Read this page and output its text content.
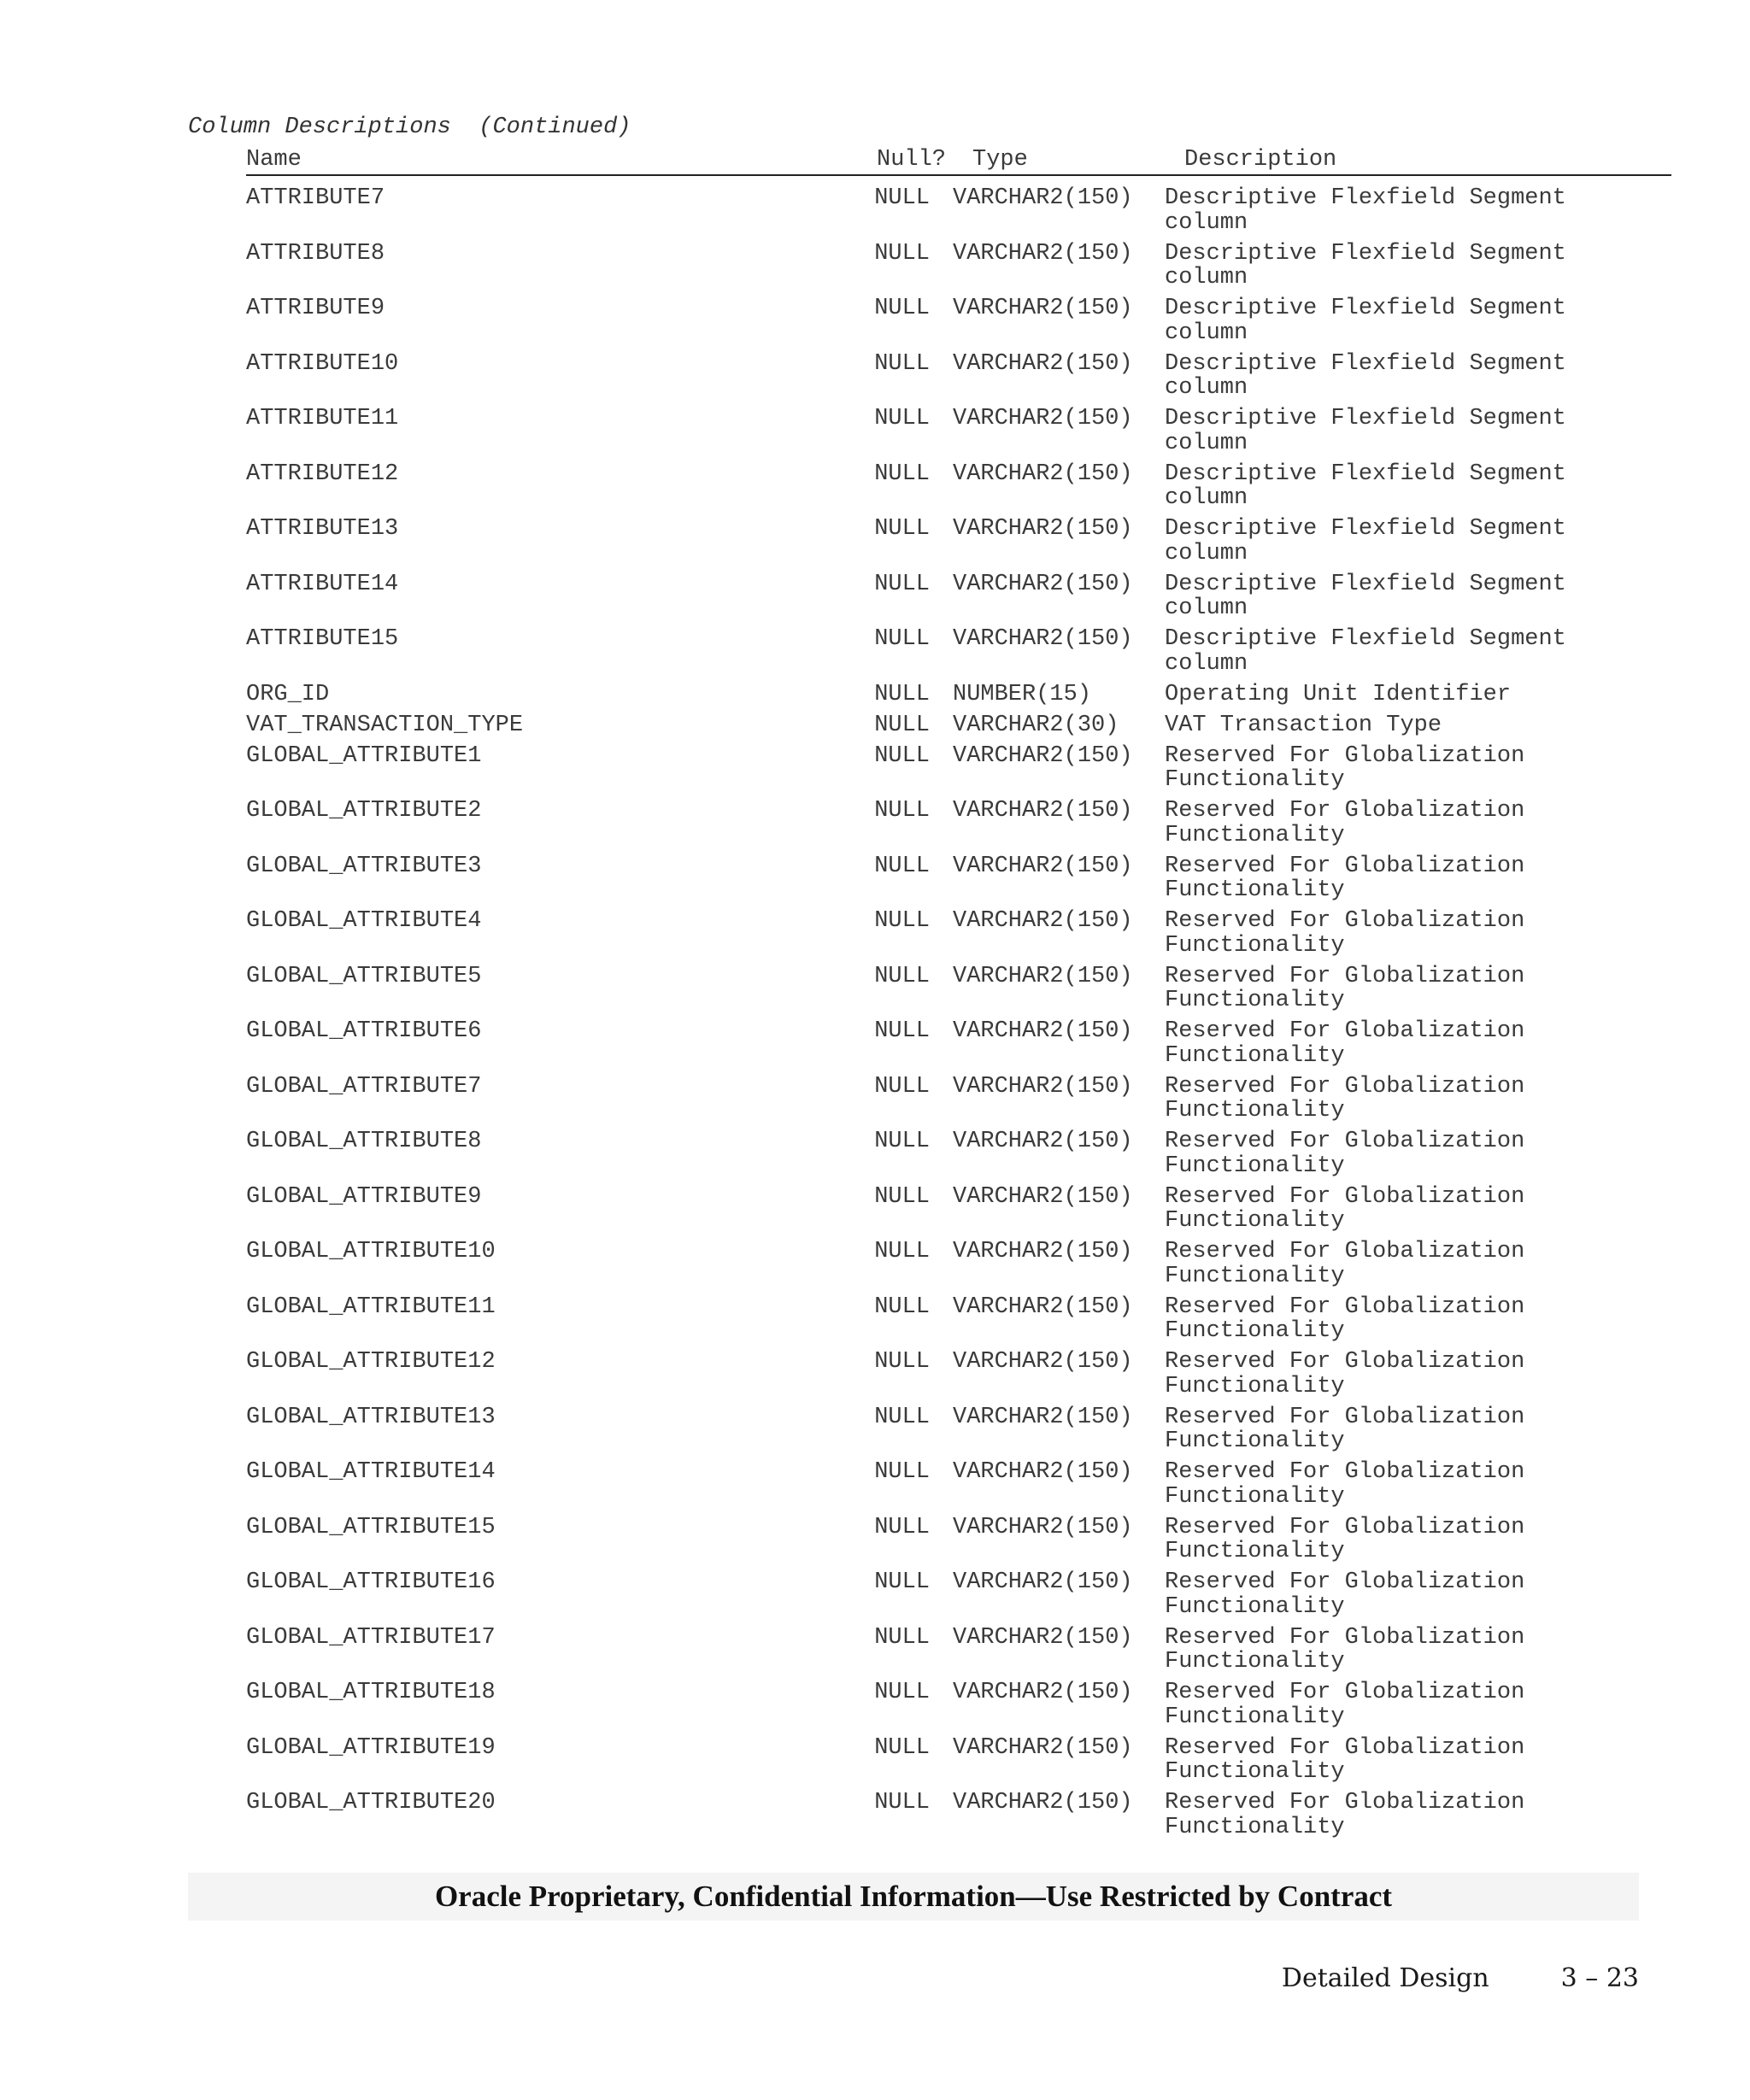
Column Descriptions  (Continued)
Name	Null? Type	Description
ATTRIBUTE7	NULL VARCHAR2(150) Descriptive Flexfield Segment column
ATTRIBUTE8	NULL VARCHAR2(150) Descriptive Flexfield Segment column
ATTRIBUTE9	NULL VARCHAR2(150) Descriptive Flexfield Segment column
ATTRIBUTE10	NULL VARCHAR2(150) Descriptive Flexfield Segment column
ATTRIBUTE11	NULL VARCHAR2(150) Descriptive Flexfield Segment column
ATTRIBUTE12	NULL VARCHAR2(150) Descriptive Flexfield Segment column
ATTRIBUTE13	NULL VARCHAR2(150) Descriptive Flexfield Segment column
ATTRIBUTE14	NULL VARCHAR2(150) Descriptive Flexfield Segment column
ATTRIBUTE15	NULL VARCHAR2(150) Descriptive Flexfield Segment column
ORG_ID	NULL NUMBER(15)	Operating Unit Identifier
VAT_TRANSACTION_TYPE	NULL VARCHAR2(30) VAT Transaction Type
GLOBAL_ATTRIBUTE1	NULL VARCHAR2(150) Reserved For Globalization Functionality
GLOBAL_ATTRIBUTE2	NULL VARCHAR2(150) Reserved For Globalization Functionality
GLOBAL_ATTRIBUTE3	NULL VARCHAR2(150) Reserved For Globalization Functionality
GLOBAL_ATTRIBUTE4	NULL VARCHAR2(150) Reserved For Globalization Functionality
GLOBAL_ATTRIBUTE5	NULL VARCHAR2(150) Reserved For Globalization Functionality
GLOBAL_ATTRIBUTE6	NULL VARCHAR2(150) Reserved For Globalization Functionality
GLOBAL_ATTRIBUTE7	NULL VARCHAR2(150) Reserved For Globalization Functionality
GLOBAL_ATTRIBUTE8	NULL VARCHAR2(150) Reserved For Globalization Functionality
GLOBAL_ATTRIBUTE9	NULL VARCHAR2(150) Reserved For Globalization Functionality
GLOBAL_ATTRIBUTE10	NULL VARCHAR2(150) Reserved For Globalization Functionality
GLOBAL_ATTRIBUTE11	NULL VARCHAR2(150) Reserved For Globalization Functionality
GLOBAL_ATTRIBUTE12	NULL VARCHAR2(150) Reserved For Globalization Functionality
GLOBAL_ATTRIBUTE13	NULL VARCHAR2(150) Reserved For Globalization Functionality
GLOBAL_ATTRIBUTE14	NULL VARCHAR2(150) Reserved For Globalization Functionality
GLOBAL_ATTRIBUTE15	NULL VARCHAR2(150) Reserved For Globalization Functionality
GLOBAL_ATTRIBUTE16	NULL VARCHAR2(150) Reserved For Globalization Functionality
GLOBAL_ATTRIBUTE17	NULL VARCHAR2(150) Reserved For Globalization Functionality
GLOBAL_ATTRIBUTE18	NULL VARCHAR2(150) Reserved For Globalization Functionality
GLOBAL_ATTRIBUTE19	NULL VARCHAR2(150) Reserved For Globalization Functionality
GLOBAL_ATTRIBUTE20	NULL VARCHAR2(150) Reserved For Globalization Functionality
Oracle Proprietary, Confidential Information––Use Restricted by Contract
Detailed Design	3 – 23
